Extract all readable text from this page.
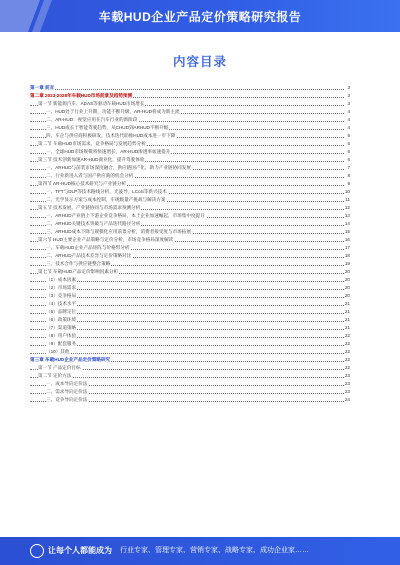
车载HUD企业产品定价策略研究报告
内容目录
第一章 前言	3
第二章 2023-2028年车载HUD市场前景及趋势预测	3
第一节 新能源汽车、ADAS等驱动车载HUD市场增长	3
一、HUD处于行业上升期，功能不断升级，AR-HUD将成为新主流	4
二、AR-HUD：视觉应用在汽车行业的新阶段	4
三、HUD成长于智能驾驶趋势，从CHUD到ARHUD不断升级	4
四、车企与供应商积极研发，技术迭代助推HUD成本进一步下降	5
第二节 车载HUD市场需求、竞争格局与发展趋势分析	5
一、全球HUD市场规模将快速增长，AR-HUD渗透率加速提升	6
第三节 技术创新加速AR-HUD商业化，提升驾驶体验	6
一、ARHUD与前装市场深度融合，供应链国产化，助力产业链协同发展	7
二、行业新进入者与国产供应商的机会分析	8
第四节 AR-HUD核心技术研究与产业链分析	9
一、TFT与DLP等技术路线分析，光波导、LCoS等新兴技术	10
二、光学显示方案与成本控制，车规级量产挑战与解决方案	11
第五节 技术发展、产业链协同与市场需求预测分析	12
一、ARHUD产业链上下游企业竞争格局，本土企业加速崛起，市场集中度提升	13
二、ARHUD关键技术突破与产品迭代路径分析	14
三、ARHUD成本下降与规模化应用前景分析，消费者接受度与市场拓展	15
第六节 HUD主要企业产品策略与定价分析，市场竞争格局深度解读	16
一、车载HUD企业产品矩阵与价格带分析	17
二、ARHUD产品技术差异与定价策略对比	18
三、技术合作与供应链整合策略	19
第七节 车载HUD产品定价影响因素分析	20
（1）成本因素	20
（2）市场需求	20
（3）竞争格局	20
（4）技术水平	21
（5）品牌定位	21
（6）政策环境	21
（7）渠道策略	21
（8）用户体验	22
（9）配套服务	22
（10）其他	22
第三章 车载HUD企业产品定价策略研究	22
第一节 产品定价目标	22
第二节 定价方法	23
一、成本导向定价法	23
二、需求导向定价法	23
三、竞争导向定价法	24
让每个人都能成为 行业专家、管理专家、营销专家、战略专家、成功企业家……
